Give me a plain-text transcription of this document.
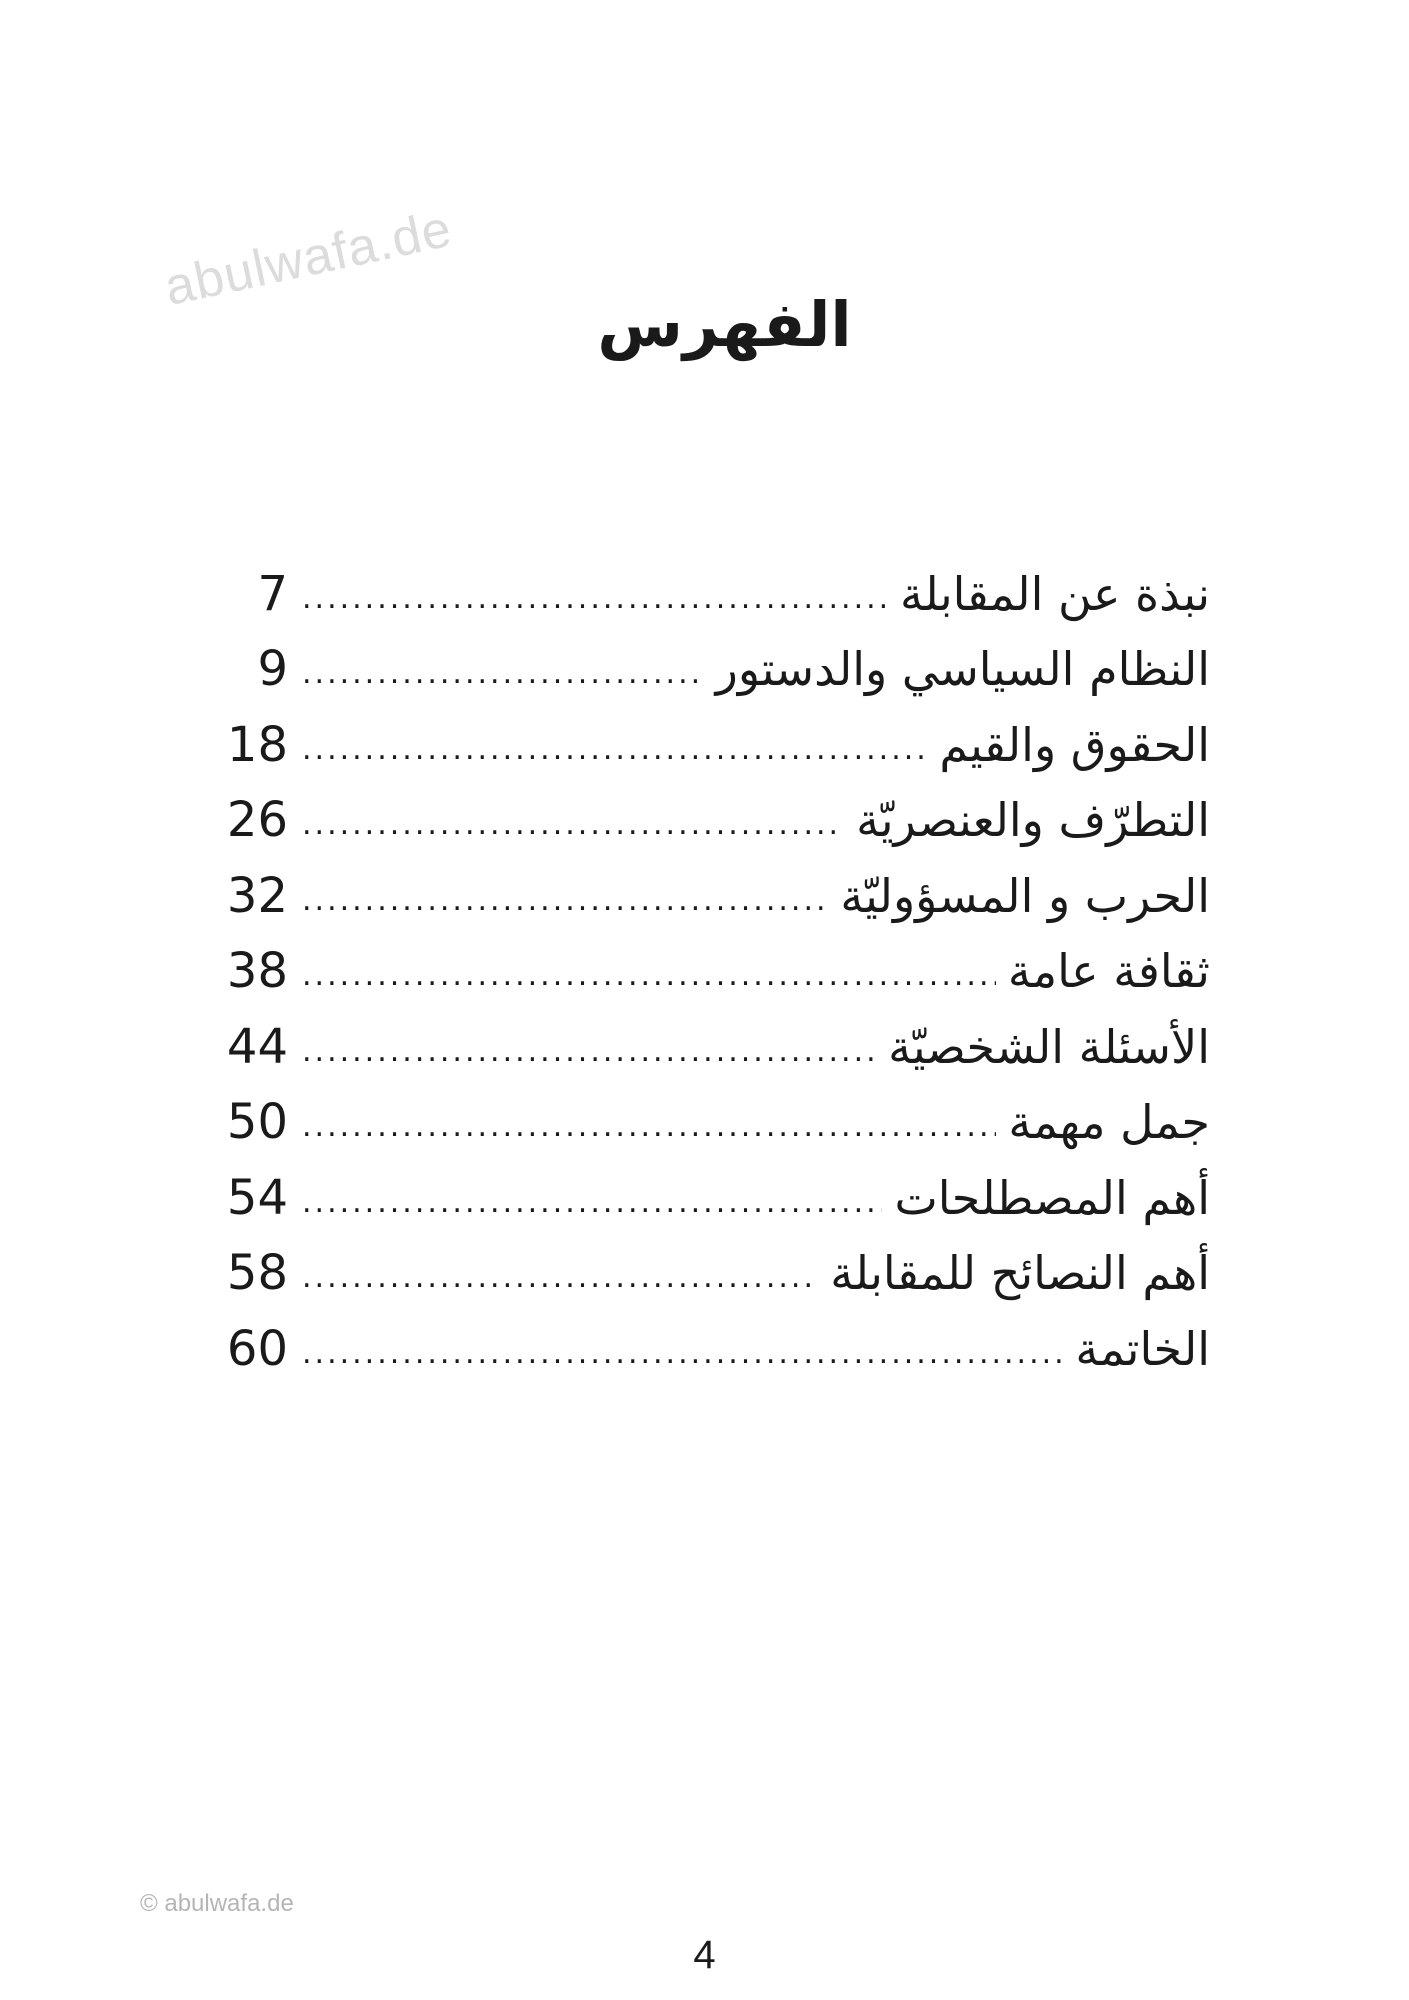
abulwafa.de
الفهرس
7 .....	نبذة عن المقابلة
9 .....	النظام السياسي والدستور
18 .....	الحقوق والقيم
26 .....	التطرّف والعنصريّة
32 .....	الحرب و المسؤوليّة
38 .....	ثقافة عامة
44 .....	الأسئلة الشخصيّة
50 .....	جمل مهمة
54 .....	أهم المصطلحات
58 .....	أهم النصائح للمقابلة
60 .....	الخاتمة
© abulwafa.de
4
